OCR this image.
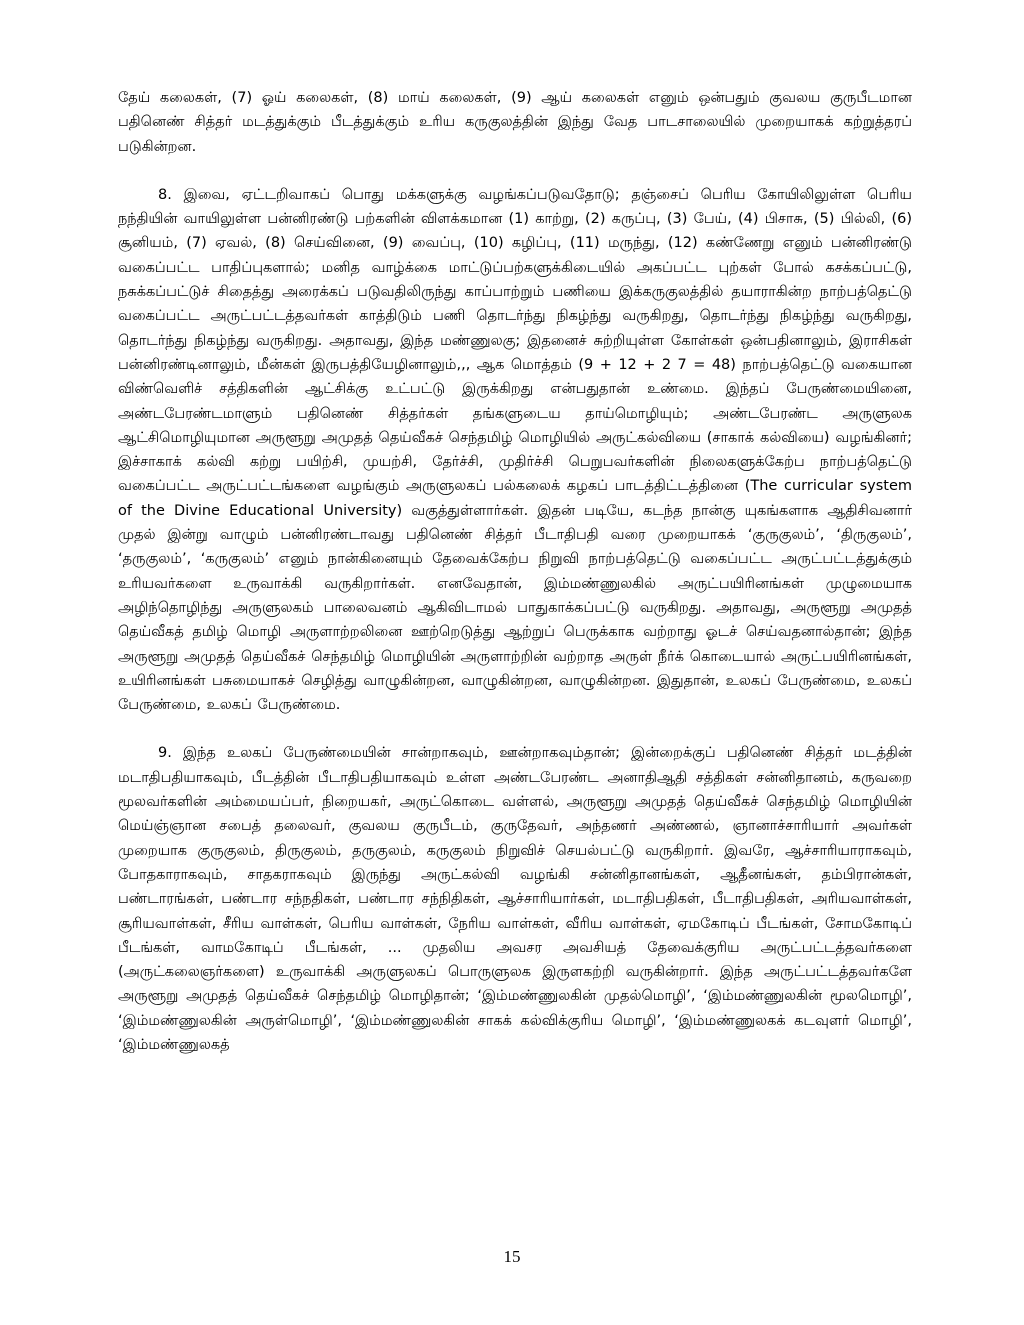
தேய் கலைகள், (7) ஓய் கலைகள், (8) மாய் கலைகள், (9) ஆய் கலைகள் எனும் ஒன்பதும் குவலய குருபீடமான பதினெண் சித்தர் மடத்துக்கும் பீடத்துக்கும் உரிய கருகுலத்தின் இந்து வேத பாடசாலையில் முறையாகக் கற்றுத்தரப் படுகின்றன.

8. இவை, ஏட்டறிவாகப் பொது மக்களுக்கு வழங்கப்படுவதோடு; தஞ்சைப் பெரிய கோயிலிலுள்ள பெரிய நந்தியின் வாயிலுள்ள பன்னிரண்டு பற்களின் விளக்கமான (1) காற்று, (2) கருப்பு, (3) பேய், (4) பிசாசு, (5) பில்லி, (6) சூனியம், (7) ஏவல், (8) செய்வினை, (9) வைப்பு, (10) கழிப்பு, (11) மருந்து, (12) கண்ணேறு எனும் பன்னிரண்டு வகைப்பட்ட பாதிப்புகளால்; மனித வாழ்க்கை மாட்டுப்பற்களுக்கிடையில் அகப்பட்ட புற்கள் போல் கசக்கப்பட்டு, நசுக்கப்பட்டுச் சிதைத்து அரைக்கப் படுவதிலிருந்து காப்பாற்றும் பணியை இக்கருகுலத்தில் தயாராகின்ற நாற்பத்தெட்டு வகைப்பட்ட அருட்பட்டத்தவர்கள் காத்திடும் பணி தொடர்ந்து நிகழ்ந்து வருகிறது, தொடர்ந்து நிகழ்ந்து வருகிறது, தொடர்ந்து நிகழ்ந்து வருகிறது. அதாவது, இந்த மண்ணுலகு; இதனைச் சுற்றியுள்ள கோள்கள் ஒன்பதினாலும், இராசிகள் பன்னிரண்டினாலும், மீன்கள் இருபத்தியேழினாலும்,,, ஆக மொத்தம் (9 + 12 + 2 7 = 48) நாற்பத்தெட்டு வகையான விண்வெளிச் சத்திகளின் ஆட்சிக்கு உட்பட்டு இருக்கிறது என்பதுதான் உண்மை. இந்தப் பேருண்மையினை, அண்டபேரண்டமாளும் பதினெண் சித்தர்கள் தங்களுடைய தாய்மொழியும்; அண்டபேரண்ட அருளுலக ஆட்சிமொழியுமான அருளூறு அமுதத் தெய்வீகச் செந்தமிழ் மொழியில் அருட்கல்வியை (சாகாக் கல்வியை) வழங்கினர்; இச்சாகாக் கல்வி கற்று பயிற்சி, முயற்சி, தேர்ச்சி, முதிர்ச்சி பெறுபவர்களின் நிலைகளுக்கேற்ப நாற்பத்தெட்டு வகைப்பட்ட அருட்பட்டங்களை வழங்கும் அருளுலகப் பல்கலைக் கழகப் பாடத்திட்டத்தினை (The curricular system of the Divine Educational University) வகுத்துள்ளார்கள். இதன் படியே, கடந்த நான்கு யுகங்களாக ஆதிசிவனார் முதல் இன்று வாழும் பன்னிரண்டாவது பதினெண் சித்தர் பீடாதிபதி வரை முறையாகக் ‘குருகுலம்’, ‘திருகுலம்’, ‘தருகுலம்’, ‘கருகுலம்’ எனும் நான்கினையும் தேவைக்கேற்ப நிறுவி நாற்பத்தெட்டு வகைப்பட்ட அருட்பட்டத்துக்கும் உரியவர்களை உருவாக்கி வருகிறார்கள். எனவேதான், இம்மண்ணுலகில் அருட்பயிரினங்கள் முழுமையாக அழிந்தொழிந்து அருளுலகம் பாலைவனம் ஆகிவிடாமல் பாதுகாக்கப்பட்டு வருகிறது. அதாவது, அருளூறு அமுதத் தெய்வீகத் தமிழ் மொழி அருளாற்றலினை ஊற்றெடுத்து ஆற்றுப் பெருக்காக வற்றாது ஓடச் செய்வதனால்தான்; இந்த அருளூறு அமுதத் தெய்வீகச் செந்தமிழ் மொழியின் அருளாற்றின் வற்றாத அருள் நீர்க் கொடையால் அருட்பயிரினங்கள், உயிரினங்கள் பசுமையாகச் செழித்து வாழுகின்றன, வாழுகின்றன, வாழுகின்றன. இதுதான், உலகப் பேருண்மை, உலகப் பேருண்மை, உலகப் பேருண்மை.

9. இந்த உலகப் பேருண்மையின் சான்றாகவும், ஊன்றாகவும்தான்; இன்றைக்குப் பதினெண் சித்தர் மடத்தின் மடாதிபதியாகவும், பீடத்தின் பீடாதிபதியாகவும் உள்ள அண்டபேரண்ட அனாதிஆதி சத்திகள் சன்னிதானம், கருவறை மூலவர்களின் அம்மையப்பர், நிறையகர், அருட்கொடை வள்ளல், அருளூறு அமுதத் தெய்வீகச் செந்தமிழ் மொழியின் மெய்ஞ்ஞான சபைத் தலைவர், குவலய குருபீடம், குருதேவர், அந்தணர் அண்ணல், ஞானாச்சாரியார் அவர்கள் முறையாக குருகுலம், திருகுலம், தருகுலம், கருகுலம் நிறுவிச் செயல்பட்டு வருகிறார். இவரே, ஆச்சாரியாராகவும், போதகாராகவும், சாதகராகவும் இருந்து அருட்கல்வி வழங்கி சன்னிதானங்கள், ஆதீனங்கள், தம்பிரான்கள், பண்டாரங்கள், பண்டார சந்நதிகள், பண்டார சந்நிதிகள், ஆச்சாரியார்கள், மடாதிபதிகள், பீடாதிபதிகள், அரியவாள்கள், சூரியவாள்கள், சீரிய வாள்கள், பெரிய வாள்கள், நேரிய வாள்கள், வீரிய வாள்கள், ஏமகோடிப் பீடங்கள், சோமகோடிப் பீடங்கள், வாமகோடிப் பீடங்கள், ... முதலிய அவசர அவசியத் தேவைக்குரிய அருட்பட்டத்தவர்களை (அருட்கலைஞர்களை) உருவாக்கி அருளுலகப் பொருளுலக இருளகற்றி வருகின்றார். இந்த அருட்பட்டத்தவர்களே அருளூறு அமுதத் தெய்வீகச் செந்தமிழ் மொழிதான்; ‘இம்மண்ணுலகின் முதல்மொழி’, ‘இம்மண்ணுலகின் மூலமொழி’, ‘இம்மண்ணுலகின் அருள்மொழி’, ‘இம்மண்ணுலகின் சாகக் கல்விக்குரிய மொழி’, ‘இம்மண்ணுலகக் கடவுளர் மொழி’, ‘இம்மண்ணுலகத்

15
